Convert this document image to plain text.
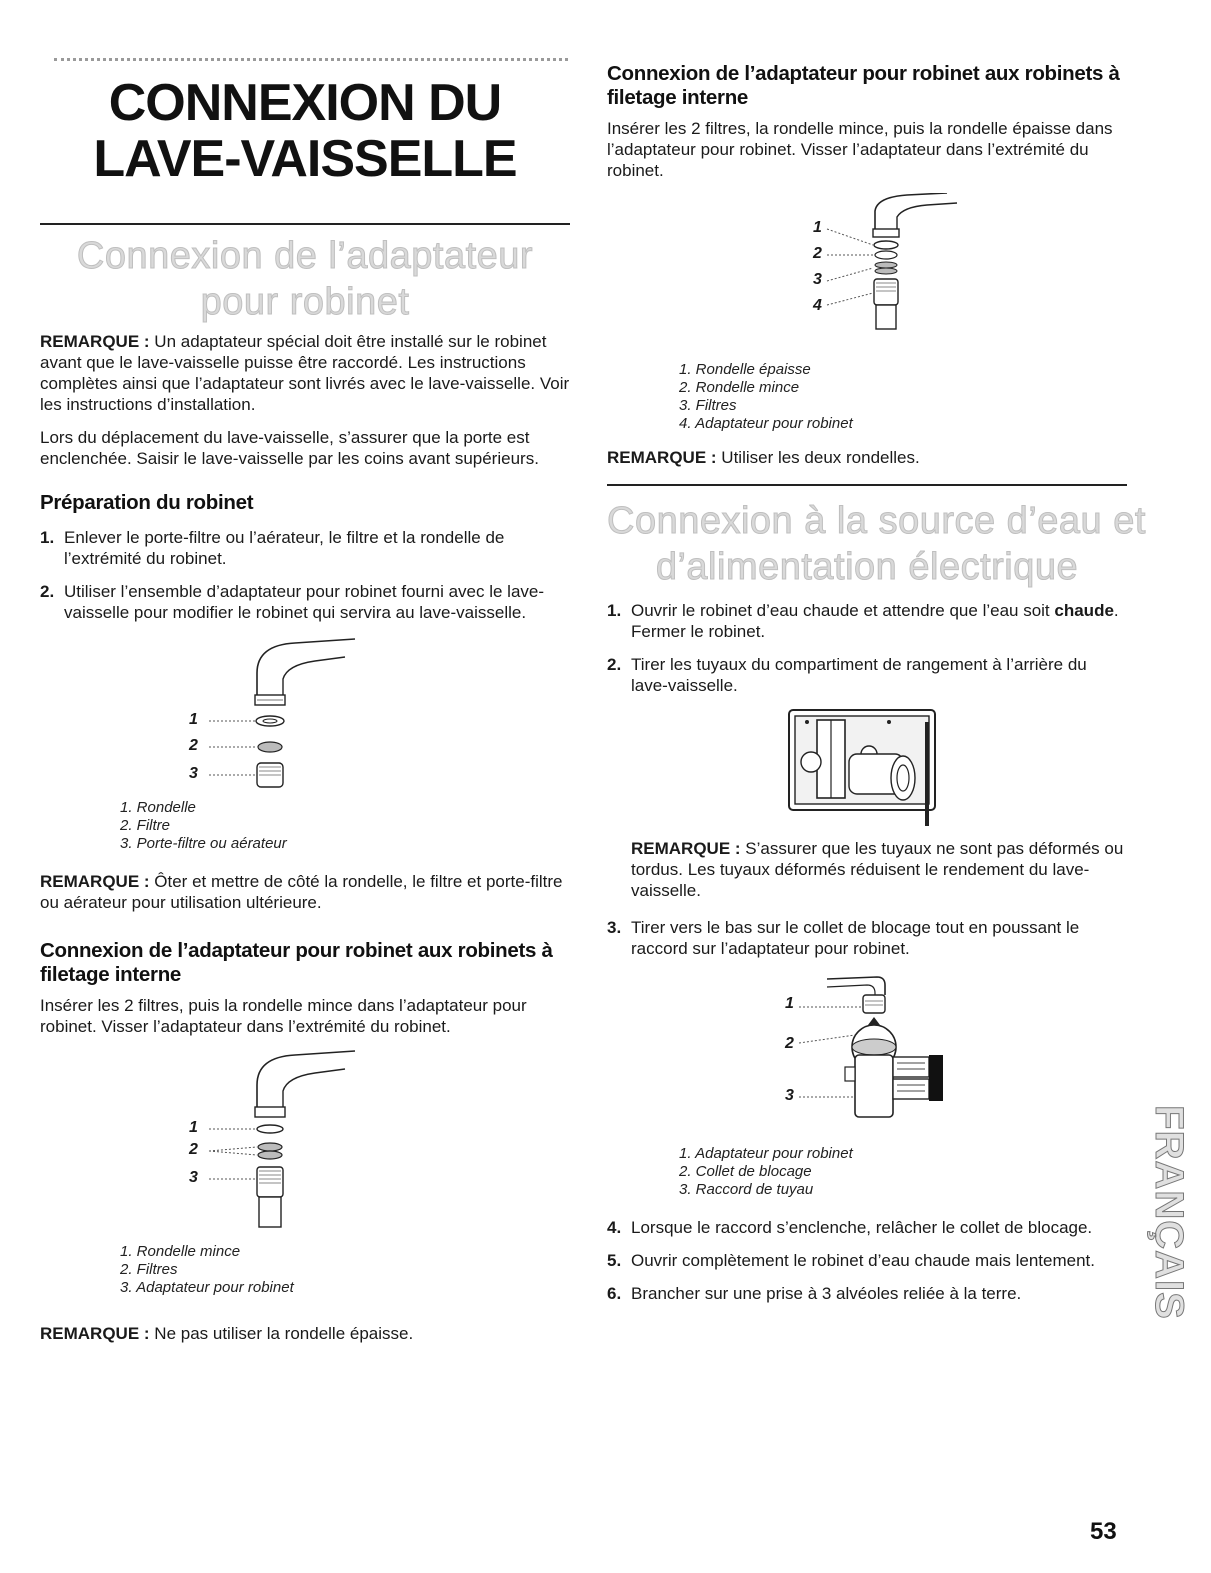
CONNEXION DU
LAVE-VAISSELLE
Connexion de l’adaptateur
pour robinet

REMARQUE : Un adaptateur spécial doit être installé sur le robinet avant que le lave-vaisselle puisse être raccordé. Les instructions complètes ainsi que l’adaptateur sont livrés avec le lave-vaisselle. Voir les instructions d’installation.

Lors du déplacement du lave-vaisselle, s’assurer que la porte est enclenchée. Saisir le lave-vaisselle par les coins avant supérieurs.

Préparation du robinet
1. Enlever le porte-filtre ou l’aérateur, le filtre et la rondelle de l’extrémité du robinet.
2. Utiliser l’ensemble d’adaptateur pour robinet fourni avec le lave-vaisselle pour modifier le robinet qui servira au lave-vaisselle.
1
2
3
1. Rondelle
2. Filtre
3. Porte-filtre ou aérateur

REMARQUE : Ôter et mettre de côté la rondelle, le filtre et porte-filtre ou aérateur pour utilisation ultérieure.

Connexion de l’adaptateur pour robinet aux robinets à filetage interne

Insérer les 2 filtres, puis la rondelle mince dans l’adaptateur pour robinet. Visser l’adaptateur dans l’extrémité du robinet.

1
2
3
1. Rondelle mince
2. Filtres
3. Adaptateur pour robinet

REMARQUE : Ne pas utiliser la rondelle épaisse.

Connexion de l’adaptateur pour robinet aux robinets à filetage interne

Insérer les 2 filtres, la rondelle mince, puis la rondelle épaisse dans l’adaptateur pour robinet. Visser l’adaptateur dans l’extrémité du robinet.

1
2
3
4
1. Rondelle épaisse
2. Rondelle mince
3. Filtres
4. Adaptateur pour robinet

REMARQUE : Utiliser les deux rondelles.

Connexion à la source d’eau et
d’alimentation électrique
1. Ouvrir le robinet d’eau chaude et attendre que l’eau soit chaude. Fermer le robinet.
2. Tirer les tuyaux du compartiment de rangement à l’arrière du lave-vaisselle.

REMARQUE : S’assurer que les tuyaux ne sont pas déformés ou tordus. Les tuyaux déformés réduisent le rendement du lave-vaisselle.

3. Tirer vers le bas sur le collet de blocage tout en poussant le raccord sur l’adaptateur pour robinet.
1
2
3
1. Adaptateur pour robinet
2. Collet de blocage
3. Raccord de tuyau
4. Lorsque le raccord s’enclenche, relâcher le collet de blocage.
5. Ouvrir complètement le robinet d’eau chaude mais lentement.
6. Brancher sur une prise à 3 alvéoles reliée à la terre.	FRANÇAIS
53
